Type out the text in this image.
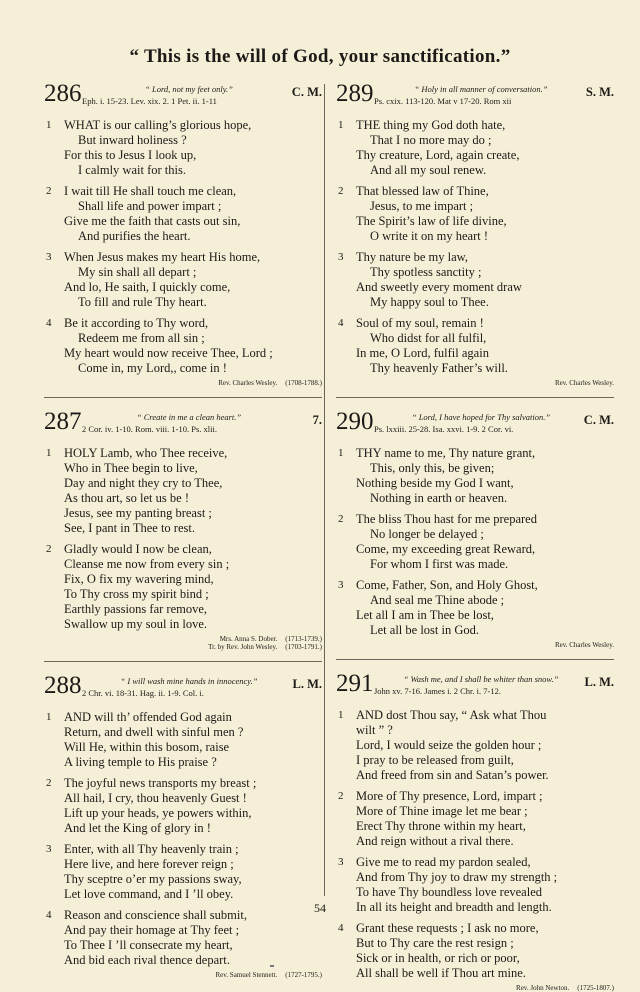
“ This is the will of God, your sanctification.”
286	“ Lord, not my feet only.”
Eph. i. 15-23. Lev. xix. 2. 1 Pet. ii. 1-11
C. M.
1 WHAT is our calling’s glorious hope,
But inward holiness ?
For this to Jesus I look up,
I calmly wait for this.
2 I wait till He shall touch me clean,
Shall life and power impart ;
Give me the faith that casts out sin,
And purifies the heart.
3 When Jesus makes my heart His home,
My sin shall all depart ;
And lo, He saith, I quickly come,
To fill and rule Thy heart.
4 Be it according to Thy word,
Redeem me from all sin ;
My heart would now receive Thee, Lord ;
Come in, my Lord,, come in !
Rev. Charles Wesley. (1708-1788.)
287	“ Create in me a clean heart.”
2 Cor. iv. 1-10. Rom. viii. 1-10. Ps. xlii.
7.
1 HOLY Lamb, who Thee receive,
Who in Thee begin to live,
Day and night they cry to Thee,
As thou art, so let us be !
Jesus, see my panting breast ;
See, I pant in Thee to rest.
2 Gladly would I now be clean,
Cleanse me now from every sin ;
Fix, O fix my wavering mind,
To Thy cross my spirit bind ;
Earthly passions far remove,
Swallow up my soul in love.
Mrs. Anna S. Dober. (1713-1739.)
Tr. by Rev. John Wesley. (1703-1791.)
288	“ I will wash mine hands in innocency.”
2 Chr. vi. 18-31. Hag. ii. 1-9. Col. i.
L. M.
1 AND will th’ offended God again
Return, and dwell with sinful men ?
Will He, within this bosom, raise
A living temple to His praise ?
2 The joyful news transports my breast ;
All hail, I cry, thou heavenly Guest !
Lift up your heads, ye powers within,
And let the King of glory in !
3 Enter, with all Thy heavenly train ;
Here live, and here forever reign ;
Thy sceptre o’er my passions sway,
Let love command, and I ’ll obey.
4 Reason and conscience shall submit,
And pay their homage at Thy feet ;
To Thee I ’ll consecrate my heart,
And bid each rival thence depart.
Rev. Samuel Stennett. (1727-1795.)
289	“ Holy in all manner of conversation.”
Ps. cxix. 113-120. Mat v 17-20. Rom xii
S. M.
1 THE thing my God doth hate,
That I no more may do ;
Thy creature, Lord, again create,
And all my soul renew.
2 That blessed law of Thine,
Jesus, to me impart ;
The Spirit’s law of life divine,
O write it on my heart !
3 Thy nature be my law,
Thy spotless sanctity ;
And sweetly every moment draw
My happy soul to Thee.
4 Soul of my soul, remain !
Who didst for all fulfil,
In me, O Lord, fulfil again
Thy heavenly Father’s will.
Rev. Charles Wesley.
290	“ Lord, I have hoped for Thy salvation.”
Ps. lxxiii. 25-28. Isa. xxvi. 1-9. 2 Cor. vi.
C. M.
1 THY name to me, Thy nature grant,
This, only this, be given;
Nothing beside my God I want,
Nothing in earth or heaven.
2 The bliss Thou hast for me prepared
No longer be delayed ;
Come, my exceeding great Reward,
For whom I first was made.
3 Come, Father, Son, and Holy Ghost,
And seal me Thine abode ;
Let all I am in Thee be lost,
Let all be lost in God.
Rev. Charles Wesley.
291	“ Wash me, and I shall be whiter than snow.”
John xv. 7-16. James i. 2 Chr. i. 7-12.
L. M.
1 AND dost Thou say, “ Ask what Thou
wilt ” ?
Lord, I would seize the golden hour ;
I pray to be released from guilt,
And freed from sin and Satan’s power.
2 More of Thy presence, Lord, impart ;
More of Thine image let me bear ;
Erect Thy throne within my heart,
And reign without a rival there.
3 Give me to read my pardon sealed,
And from Thy joy to draw my strength ;
To have Thy boundless love revealed
In all its height and breadth and length.
4 Grant these requests ; I ask no more,
But to Thy care the rest resign ;
Sick or in health, or rich or poor,
All shall be well if Thou art mine.
Rev. John Newton. (1725-1807.)
54
